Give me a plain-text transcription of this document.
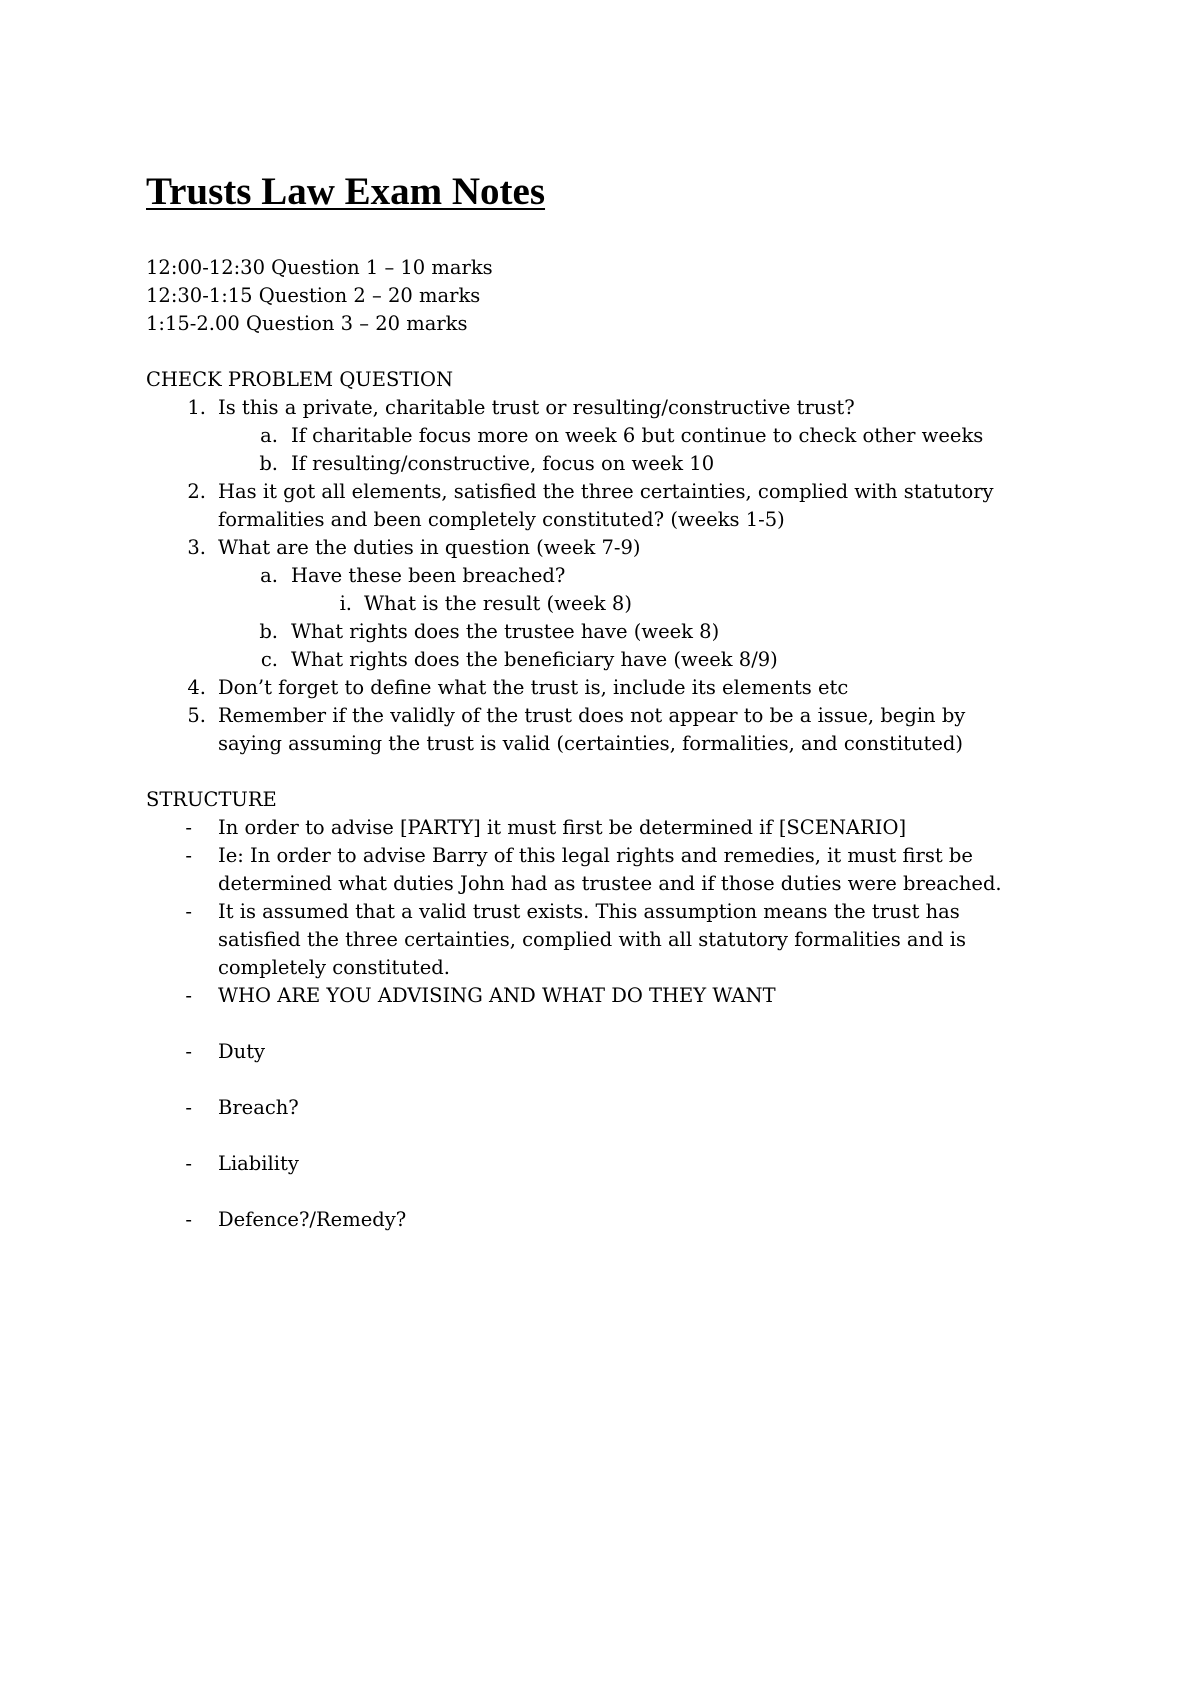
Trusts Law Exam Notes
12:00-12:30 Question 1 – 10 marks
12:30-1:15 Question 2 – 20 marks
1:15-2.00 Question 3 – 20 marks
CHECK PROBLEM QUESTION
1. Is this a private, charitable trust or resulting/constructive trust?
a. If charitable focus more on week 6 but continue to check other weeks
b. If resulting/constructive, focus on week 10
2. Has it got all elements, satisfied the three certainties, complied with statutory
formalities and been completely constituted? (weeks 1-5)
3. What are the duties in question (week 7-9)
a. Have these been breached?
i. What is the result (week 8)
b. What rights does the trustee have (week 8)
c. What rights does the beneficiary have (week 8/9)
4. Don’t forget to define what the trust is, include its elements etc
5. Remember if the validly of the trust does not appear to be a issue, begin by
saying assuming the trust is valid (certainties, formalities, and constituted)
STRUCTURE
- In order to advise [PARTY] it must first be determined if [SCENARIO]
- Ie: In order to advise Barry of this legal rights and remedies, it must first be
determined what duties John had as trustee and if those duties were breached.
- It is assumed that a valid trust exists. This assumption means the trust has
satisfied the three certainties, complied with all statutory formalities and is
completely constituted.
- WHO ARE YOU ADVISING AND WHAT DO THEY WANT
- Duty
- Breach?
- Liability
- Defence?/Remedy?
